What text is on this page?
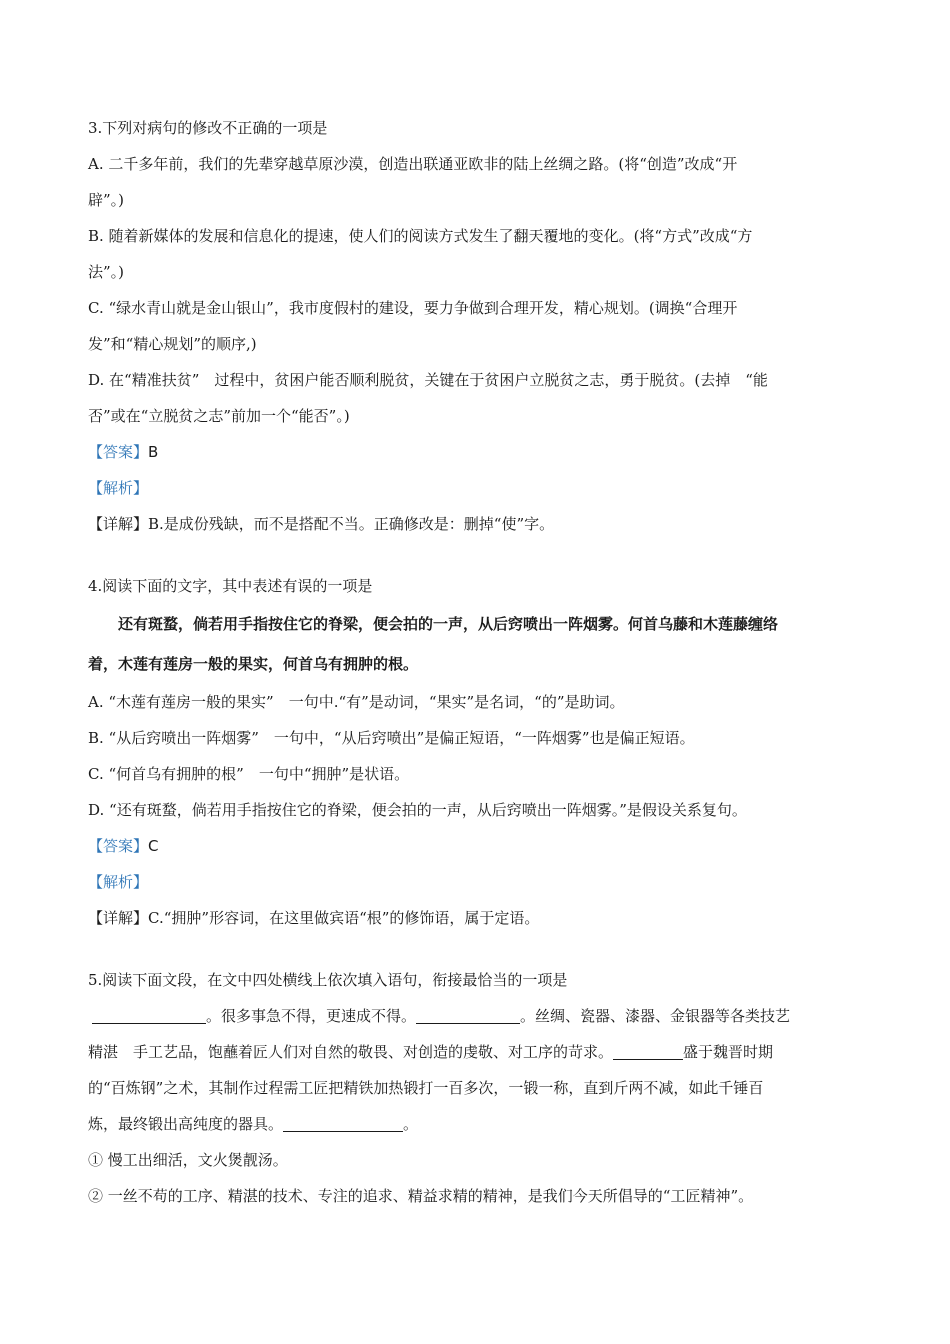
3.下列对病句的修改不正确的一项是
A. 二千多年前，我们的先辈穿越草原沙漠，创造出联通亚欧非的陆上丝绸之路。(将“创造”改成“开
辟”。)
B. 随着新媒体的发展和信息化的提速，使人们的阅读方式发生了翻天覆地的变化。(将“方式”改成“方
法”。)
C. “绿水青山就是金山银山”，我市度假村的建设，要力争做到合理开发，精心规划。(调换“合理开
发”和“精心规划”的顺序,)
D. 在“精准扶贫”　过程中，贫困户能否顺利脱贫，关键在于贫困户立脱贫之志，勇于脱贫。(去掉　“能
否”或在“立脱贫之志”前加一个“能否”。)
【答案】B
【解析】
【详解】B.是成份残缺，而不是搭配不当。正确修改是：删掉“使”字。
4.阅读下面的文字，其中表述有误的一项是
还有斑蝥，倘若用手指按住它的脊梁，便会拍的一声，从后窍喷出一阵烟雾。何首乌藤和木莲藤缠络
着，木莲有莲房一般的果实，何首乌有拥肿的根。
A. “木莲有莲房一般的果实”　一句中.“有”是动词，“果实”是名词，“的”是助词。
B. “从后窍喷出一阵烟雾”　一句中，“从后窍喷出”是偏正短语，“一阵烟雾”也是偏正短语。
C. “何首乌有拥肿的根”　一句中“拥肿”是状语。
D. “还有斑蝥，倘若用手指按住它的脊梁，便会拍的一声，从后窍喷出一阵烟雾。”是假设关系复句。
【答案】C
【解析】
【详解】C.“拥肿”形容词，在这里做宾语“根”的修饰语，属于定语。
5.阅读下面文段，在文中四处横线上依次填入语句，衔接最恰当的一项是
。很多事急不得，更速成不得。	。丝绸、瓷器、漆器、金银器等各类技艺
精湛　手工艺品，饱蘸着匠人们对自然的敬畏、对创造的虔敬、对工序的苛求。	盛于魏晋时期
的“百炼钢”之术，其制作过程需工匠把精铁加热锻打一百多次，一锻一称，直到斤两不减，如此千锤百
炼，最终锻出高纯度的器具。	。
① 慢工出细活，文火煲靓汤。
② 一丝不苟的工序、精湛的技术、专注的追求、精益求精的精神，是我们今天所倡导的“工匠精神”。
